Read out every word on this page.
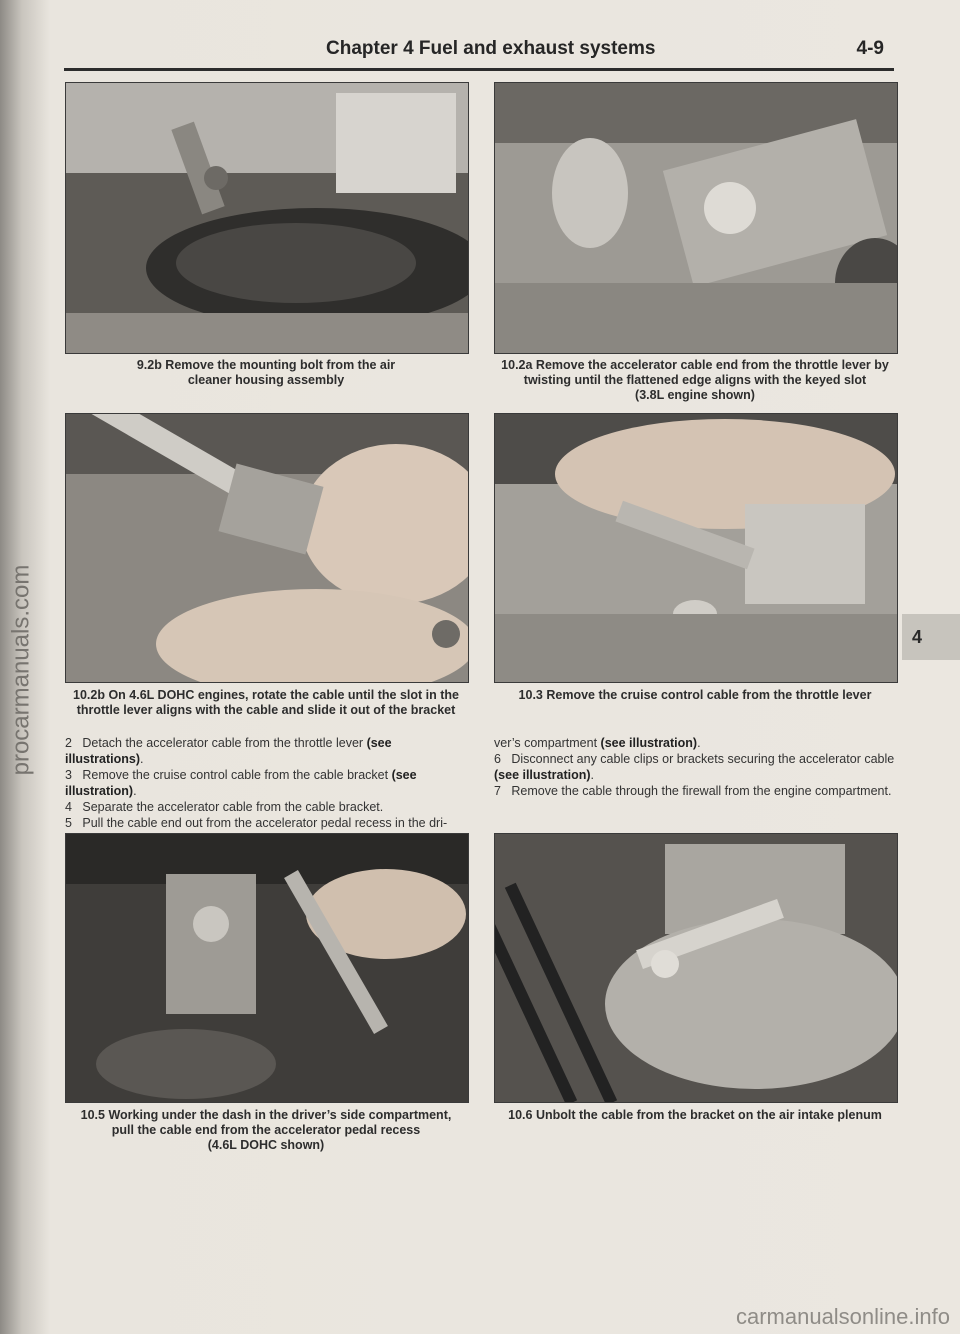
procarmanuals.com
Chapter 4 Fuel and exhaust systems	4-9
9.2b Remove the mounting bolt from the air
cleaner housing assembly
10.2a Remove the accelerator cable end from the throttle lever by
twisting until the flattened edge aligns with the keyed slot
(3.8L engine shown)
10.2b On 4.6L DOHC engines, rotate the cable until the slot in the
throttle lever aligns with the cable and slide it out of the bracket
10.3 Remove the cruise control cable from the throttle lever
4

2 Detach the accelerator cable from the throttle lever (see illustrations).

3 Remove the cruise control cable from the cable bracket (see illustration).

4 Separate the accelerator cable from the cable bracket.

5 Pull the cable end out from the accelerator pedal recess in the dri-

ver’s compartment (see illustration).

6 Disconnect any cable clips or brackets securing the accelerator cable (see illustration).

7 Remove the cable through the firewall from the engine compartment.

10.5 Working under the dash in the driver’s side compartment,
pull the cable end from the accelerator pedal recess
(4.6L DOHC shown)
10.6 Unbolt the cable from the bracket on the air intake plenum
carmanualsonline.info
